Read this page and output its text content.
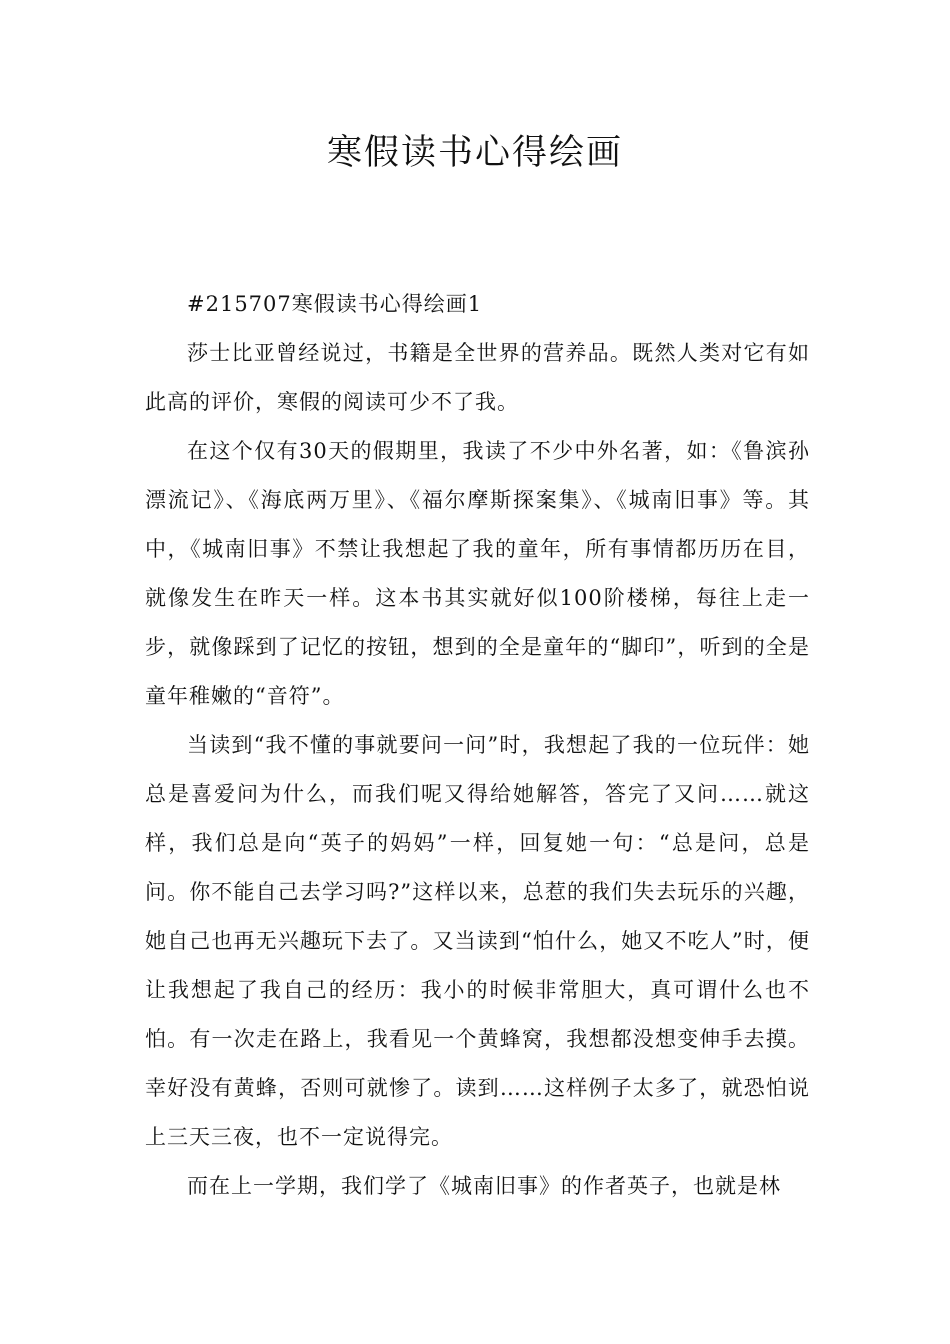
寒假读书心得绘画

#215707寒假读书心得绘画1

莎士比亚曾经说过，书籍是全世界的营养品。既然人类对它有如此高的评价，寒假的阅读可少不了我。

在这个仅有30天的假期里，我读了不少中外名著，如：《鲁滨孙漂流记》、《海底两万里》、《福尔摩斯探案集》、《城南旧事》等。其中，《城南旧事》不禁让我想起了我的童年，所有事情都历历在目，就像发生在昨天一样。这本书其实就好似100阶楼梯，每往上走一步，就像踩到了记忆的按钮，想到的全是童年的“脚印”，听到的全是童年稚嫩的“音符”。

当读到“我不懂的事就要问一问”时，我想起了我的一位玩伴：她总是喜爱问为什么，而我们呢又得给她解答，答完了又问……就这样，我们总是向“英子的妈妈”一样，回复她一句：“总是问，总是问。你不能自己去学习吗?”这样以来，总惹的我们失去玩乐的兴趣，她自己也再无兴趣玩下去了。又当读到“怕什么，她又不吃人”时，便让我想起了我自己的经历：我小的时候非常胆大，真可谓什么也不怕。有一次走在路上，我看见一个黄蜂窝，我想都没想变伸手去摸。幸好没有黄蜂，否则可就惨了。读到……这样例子太多了，就恐怕说上三天三夜，也不一定说得完。

而在上一学期，我们学了《城南旧事》的作者英子，也就是林
